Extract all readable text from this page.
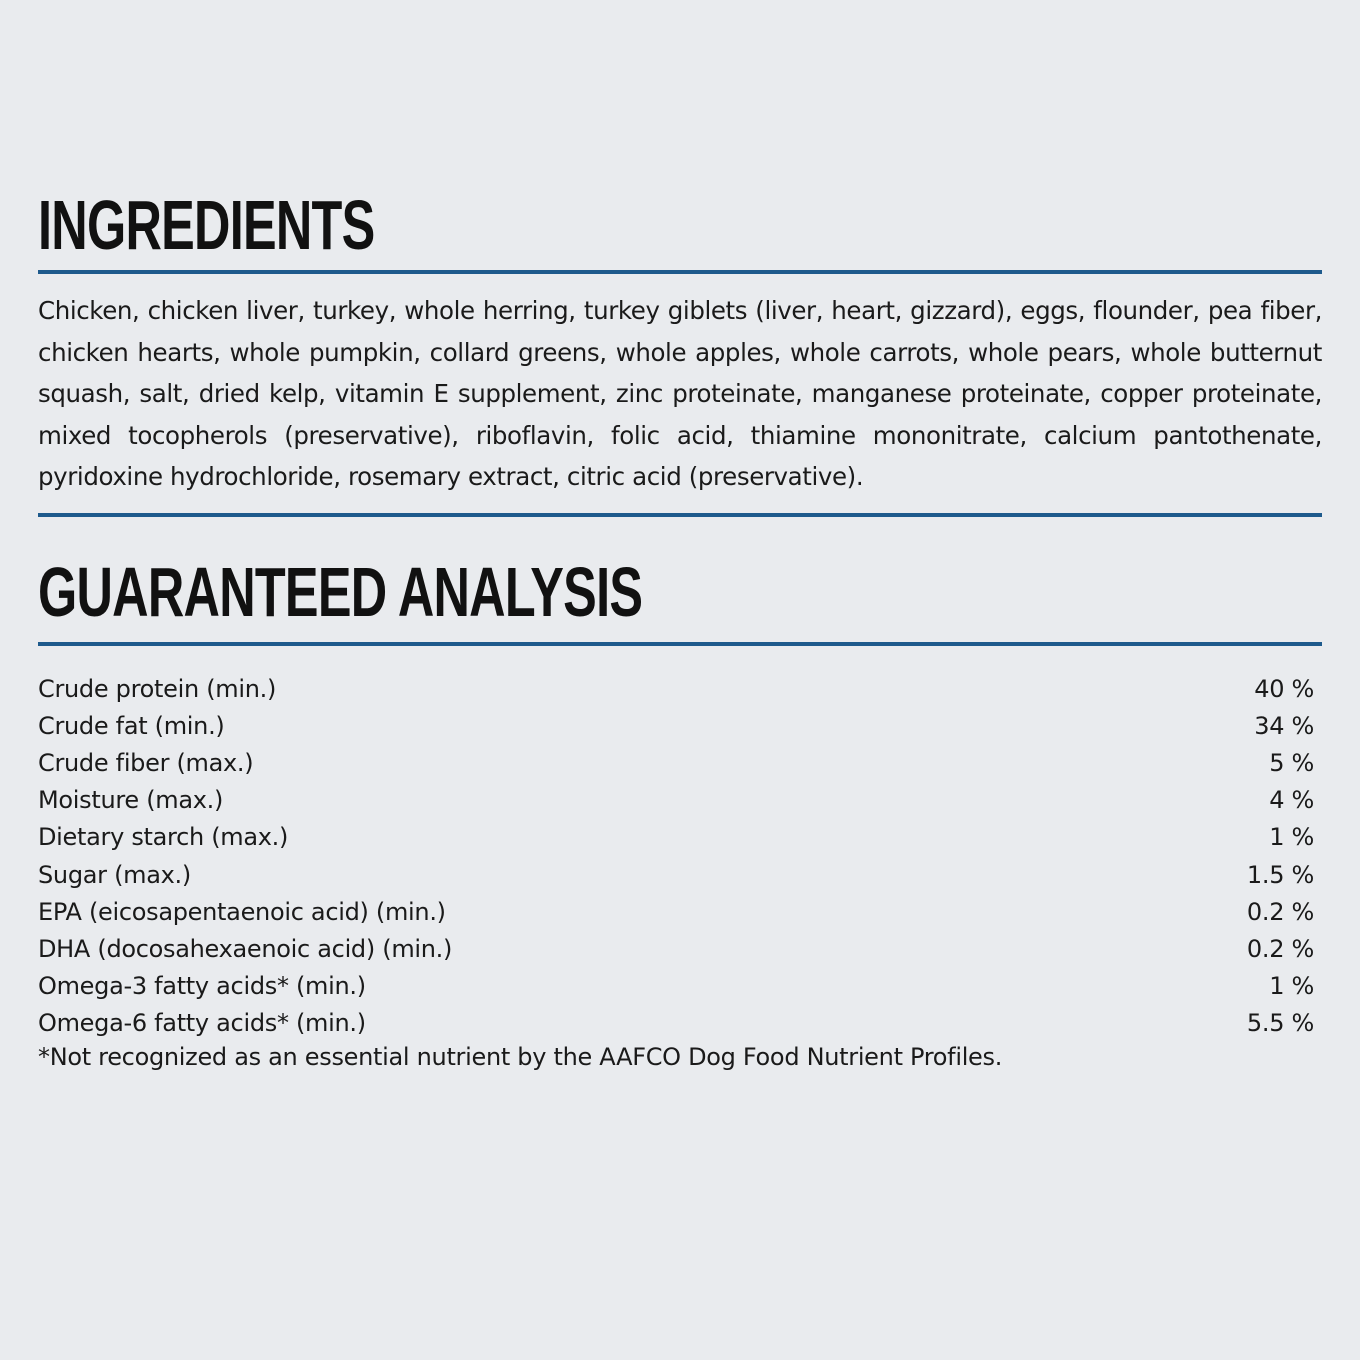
INGREDIENTS

Chicken, chicken liver, turkey, whole herring, turkey giblets (liver, heart, gizzard), eggs, flounder, pea fiber, chicken hearts, whole pumpkin, collard greens, whole apples, whole carrots, whole pears, whole butternut squash, salt, dried kelp, vitamin E supplement, zinc proteinate, manganese proteinate, copper proteinate, mixed tocopherols (preservative), riboflavin, folic acid, thiamine mononitrate, calcium pantothenate, pyridoxine hydrochloride, rosemary extract, citric acid (preservative).

GUARANTEED ANALYSIS
Crude protein (min.)	40 %
Crude fat (min.)	34 %
Crude fiber (max.)	5 %
Moisture (max.)	4 %
Dietary starch (max.)	1 %
Sugar (max.)	1.5 %
EPA (eicosapentaenoic acid) (min.)	0.2 %
DHA (docosahexaenoic acid) (min.)	0.2 %
Omega-3 fatty acids* (min.)	1 %
Omega-6 fatty acids* (min.)	5.5 %

*Not recognized as an essential nutrient by the AAFCO Dog Food Nutrient Profiles.
